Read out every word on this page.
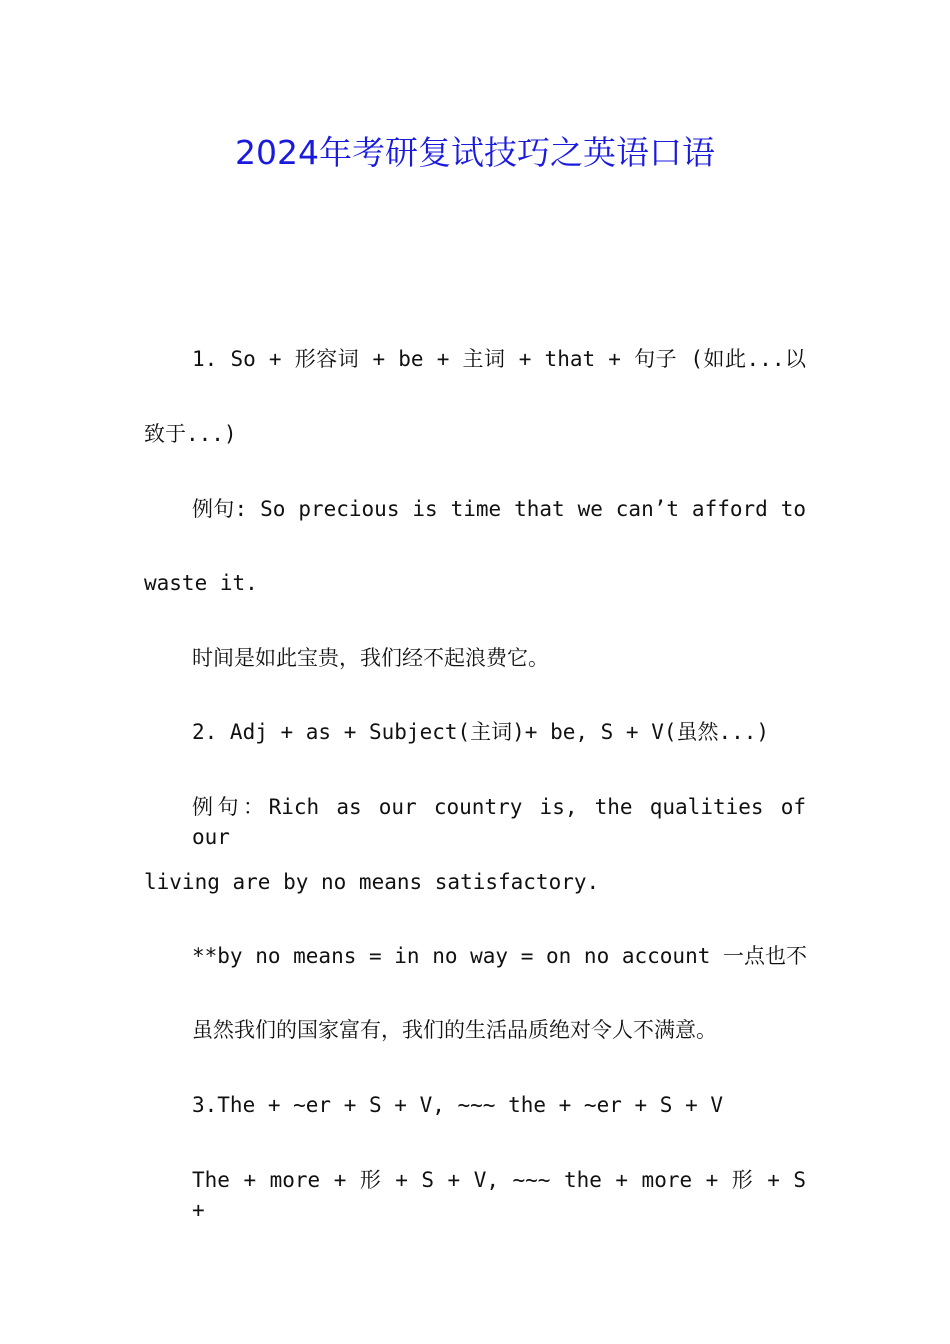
2024年考研复试技巧之英语口语
1. So + 形容词 + be + 主词 + that + 句子 (如此...以
致于...)
例句: So precious is time that we can’t afford to
waste it.
时间是如此宝贵，我们经不起浪费它。
2. Adj + as + Subject(主词)+ be, S + V(虽然...)
例句：Rich as our country is, the qualities of our
living are by no means satisfactory.
**by no means = in no way = on no account 一点也不
虽然我们的国家富有，我们的生活品质绝对令人不满意。
3.The + ~er + S + V, ~~~ the + ~er + S + V
The + more + 形 + S + V, ~~~ the + more + 形 + S +
